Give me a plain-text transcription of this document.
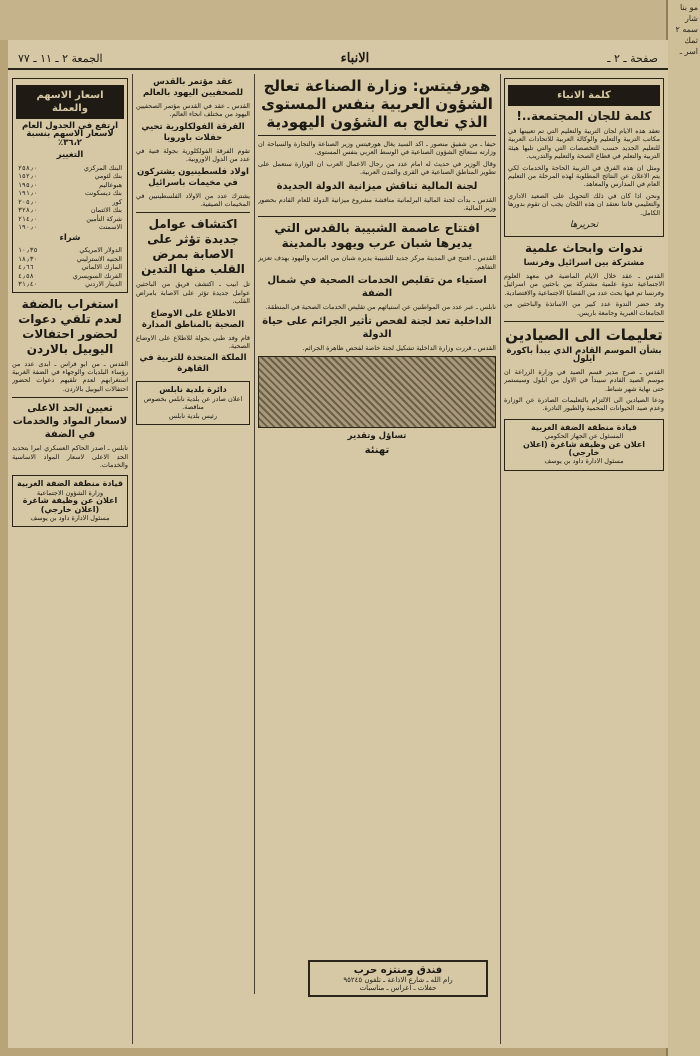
مو بنا شار سمه ٢ تمك اسر ـ
صفحة ـ ٢ ـ
الانباء
الجمعة ٢ ـ ١١ ـ ٧٧
كلمة الانباء
كلمة للجان المجتمعة..!

تعقد هذه الايام لجان التربية والتعليم التي تم تعيينها في مكاتب التربية والتعليم والوكالة العربية للاتحادات العربية للتعليم الجديد حسب التخصصات التي والتي تليها هيئة التربية والتعلم في قطاع الصحة والتعليم والتدريب.

ومثل ان هذه الفرق في التربية الحاجة والخدمات لكي يتم الاعلان عن النتائج المطلوبة لهذه المرحلة من التعليم العام في المدارس والمعاهد.

ونحن اذا كان في ذلك التحويل على الصعيد الاداري والتعليمي فاننا نعتقد ان هذه اللجان يجب ان تقوم بدورها الكامل.

تحريرها
ندوات وابحاث علمية
مشتركة بين اسرائيل وفرنسا

القدس ـ عقد خلال الايام الماضية في معهد العلوم الاجتماعية ندوة علمية مشتركة بين باحثين من اسرائيل وفرنسا تم فيها بحث عدد من القضايا الاجتماعية والاقتصادية.

وقد حضر الندوة عدد كبير من الاساتذة والباحثين من الجامعات العبرية وجامعة باريس.

تعليمات الى الصيادين
بشأن الموسم القادم الذي يبدأ باكورة ايلول

القدس ـ صرح مدير قسم الصيد في وزارة الزراعة ان موسم الصيد القادم سيبدأ في الاول من ايلول وسيستمر حتى نهاية شهر شباط.

ودعا الصيادين الى الالتزام بالتعليمات الصادرة عن الوزارة وعدم صيد الحيوانات المحمية والطيور النادرة.

قيادة منطقة الضفة الغربية
المسئول عن الجهاز الحكومي
اعلان عن وظيفة شاغرة (اعلان خارجي)
مسئول الادارة داود بن يوسف
هورفيتس: وزارة الصناعة تعالج الشؤون العربية بنفس المستوى الذي تعالج به الشؤون اليهودية

حيفا ـ من شفيق منصور ـ اكد السيد يغال هورفيتس وزير الصناعة والتجارة والسياحة ان وزارته ستعالج الشؤون الصناعية في الوسط العربي بنفس المستوى.

وقال الوزير في حديث له امام عدد من رجال الاعمال العرب ان الوزارة ستعمل على تطوير المناطق الصناعية في القرى والمدن العربية.

لجنة المالية تناقش ميزانية الدولة الجديدة

القدس ـ بدأت لجنة المالية البرلمانية مناقشة مشروع ميزانية الدولة للعام القادم بحضور وزير المالية.

افتتاح عاصمة الشبيبة بالقدس التي يديرها شبان عرب ويهود بالمدينة

القدس ـ افتتح في المدينة مركز جديد للشبيبة يديره شبان من العرب واليهود بهدف تعزيز التفاهم.

استياء من تقليص الخدمات الصحية في شمال الضفة

نابلس ـ عبر عدد من المواطنين عن استيائهم من تقليص الخدمات الصحية في المنطقة.

الداخلية تعد لجنة لفحص تأثير الجرائم على حياة الدولة

القدس ـ قررت وزارة الداخلية تشكيل لجنة خاصة لفحص ظاهرة الجرائم.

تساؤل وتقدير
تهنئة
فندق ومنتزه حرب
رام الله ـ شارع الاذاعة ـ تلفون ٩٥٢٤٥
حفلات ـ اعراس ـ مناسبات
عقد مؤتمر بالقدس للصحفيين اليهود بالعالم

القدس ـ عقد في القدس مؤتمر الصحفيين اليهود من مختلف انحاء العالم.

الفرقة الفولكلورية تحيي حفلات باوروبا

تقوم الفرقة الفولكلورية بجولة فنية في عدد من الدول الاوروبية.

اولاد فلسطينيون يشتركون في مخيمات باسرائيل

يشترك عدد من الاولاد الفلسطينيين في المخيمات الصيفية.

اكتشاف عوامل جديدة تؤثر على الاصابة بمرض القلب منها التدين

تل ابيب ـ اكتشف فريق من الباحثين عوامل جديدة تؤثر على الاصابة بامراض القلب.

الاطلاع على الاوضاع الصحية بالمناطق المدارة

قام وفد طبي بجولة للاطلاع على الاوضاع الصحية.

الملكة المتحدة للتربية في القاهرة
دائرة بلدية نابلس
اعلان صادر عن بلدية نابلس بخصوص مناقصة.
رئيس بلدية نابلس
اسعار الاسهم والعملة
ارتفع في الجدول العام لاسعار الاسهم بنسبة ٣٦،٢٪
التغيير
البنك المركزي	٢٥٨٫٠
بنك لئومي	١٥٢٫٠
هبوعاليم	١٩٥٫٠
بنك ديسكونت	١٩١٫٠
كور	٢٠٥٫٠
بنك الائتمان	٣٢٨٫٠
شركة التأمين	٢١٤٫٠
الاسمنت	١٩٠٫٠
شراء
الدولار الامريكي	١٠٫٣٥
الجنيه الاسترليني	١٨٫٣٠
المارك الالماني	٤٫٦٦
الفرنك السويسري	٤٫٥٨
الدينار الاردني	٣١٫٤٠
استغراب بالضفة لعدم تلقي دعوات لحضور احتفالات اليوبيل بالاردن

القدس ـ من ابو فراس ـ ابدى عدد من رؤساء البلديات والوجهاء في الضفة الغربية استغرابهم لعدم تلقيهم دعوات لحضور احتفالات اليوبيل بالاردن.

تعيين الحد الاعلى لاسعار المواد والخدمات في الضفة

نابلس ـ اصدر الحاكم العسكري امرا بتحديد الحد الاعلى لاسعار المواد الاساسية والخدمات.

قيادة منطقة الضفة الغربية
وزارة الشؤون الاجتماعية
اعلان عن وظيفة شاغرة (اعلان خارجي)
مسئول الادارة داود بن يوسف
